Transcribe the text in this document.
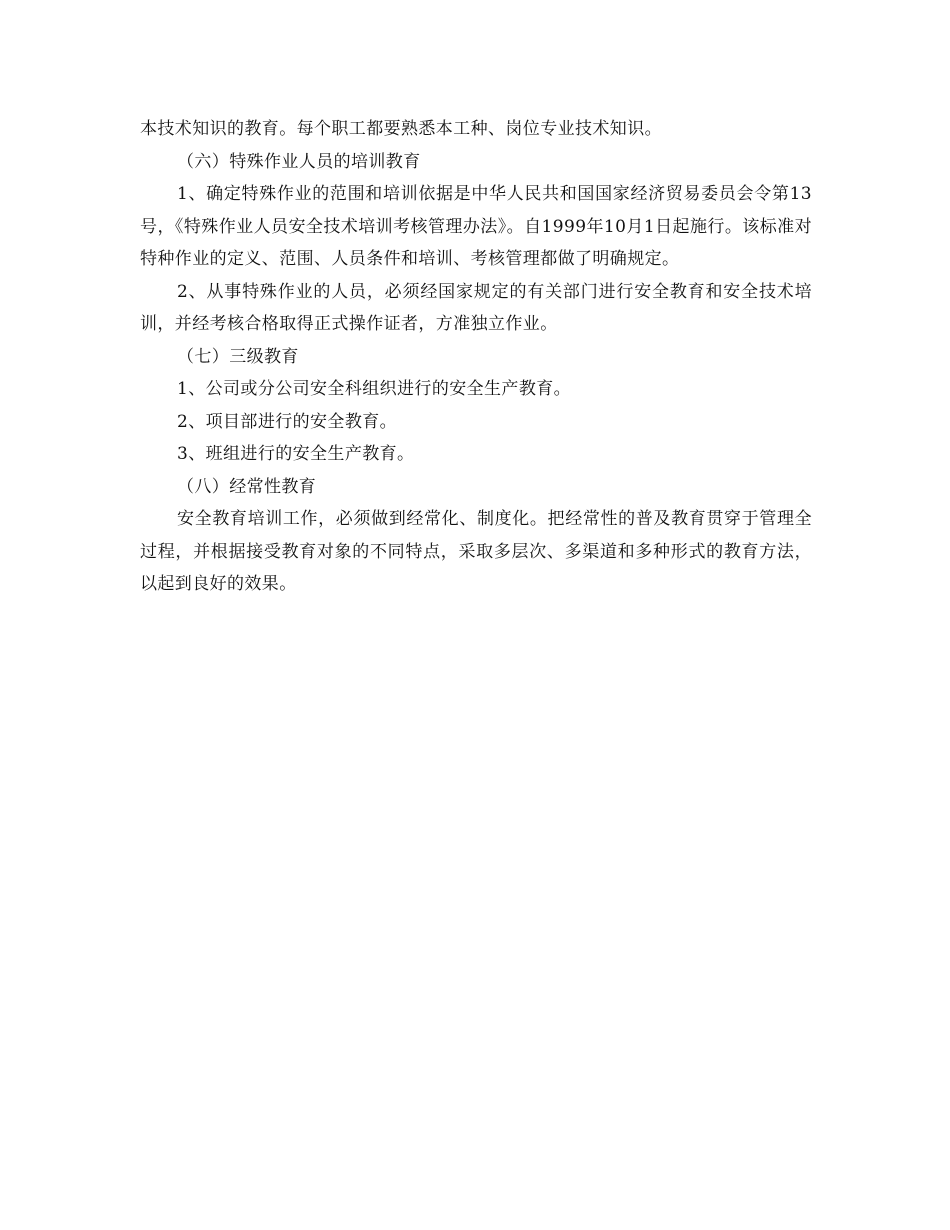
本技术知识的教育。每个职工都要熟悉本工种、岗位专业技术知识。

（六）特殊作业人员的培训教育

1、确定特殊作业的范围和培训依据是中华人民共和国国家经济贸易委员会令第13号，《特殊作业人员安全技术培训考核管理办法》。自1999年10月1日起施行。该标准对特种作业的定义、范围、人员条件和培训、考核管理都做了明确规定。

2、从事特殊作业的人员，必须经国家规定的有关部门进行安全教育和安全技术培训，并经考核合格取得正式操作证者，方准独立作业。

（七）三级教育

1、公司或分公司安全科组织进行的安全生产教育。

2、项目部进行的安全教育。

3、班组进行的安全生产教育。

（八）经常性教育

安全教育培训工作，必须做到经常化、制度化。把经常性的普及教育贯穿于管理全过程，并根据接受教育对象的不同特点，采取多层次、多渠道和多种形式的教育方法，以起到良好的效果。
